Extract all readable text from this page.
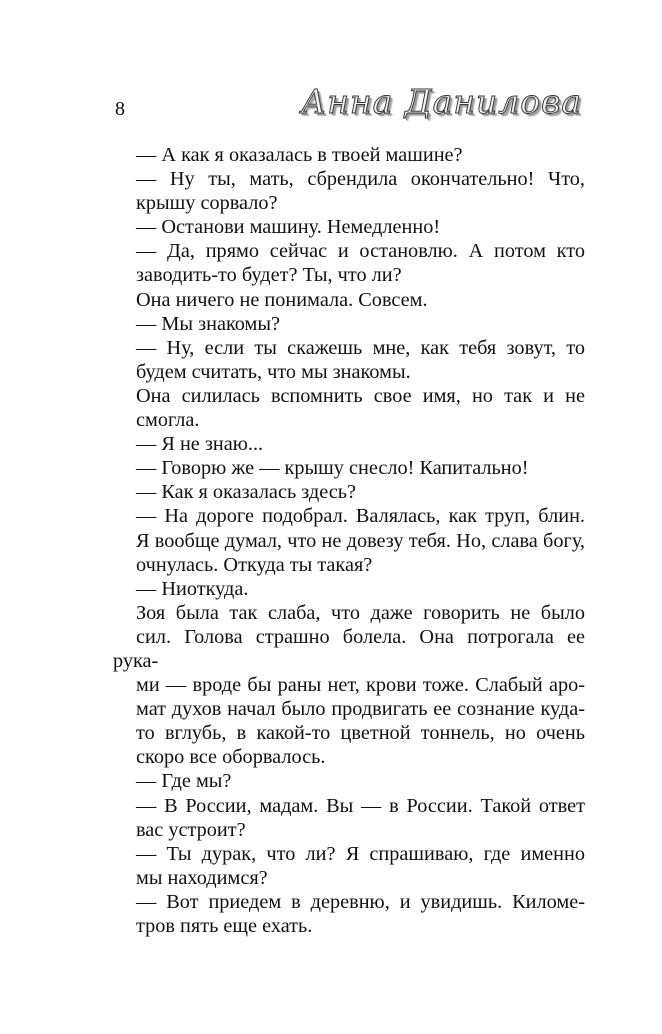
8	Анна Данилова
— А как я оказалась в твоей машине?
— Ну ты, мать, сбрендила окончательно! Что,
крышу сорвало?
— Останови машину. Немедленно!
— Да, прямо сейчас и остановлю. А потом кто
заводить-то будет? Ты, что ли?
Она ничего не понимала. Совсем.
— Мы знакомы?
— Ну, если ты скажешь мне, как тебя зовут, то
будем считать, что мы знакомы.
Она силилась вспомнить свое имя, но так и не
смогла.
— Я не знаю...
— Говорю же — крышу снесло! Капитально!
— Как я оказалась здесь?
— На дороге подобрал. Валялась, как труп, блин.
Я вообще думал, что не довезу тебя. Но, слава богу,
очнулась. Откуда ты такая?
— Ниоткуда.
Зоя была так слаба, что даже говорить не было
сил. Голова страшно болела. Она потрогала ее рука-
ми — вроде бы раны нет, крови тоже. Слабый аро-
мат духов начал было продвигать ее сознание куда-
то вглубь, в какой-то цветной тоннель, но очень
скоро все оборвалось.
— Где мы?
— В России, мадам. Вы — в России. Такой ответ
вас устроит?
— Ты дурак, что ли? Я спрашиваю, где именно
мы находимся?
— Вот приедем в деревню, и увидишь. Киломе-
тров пять еще ехать.
